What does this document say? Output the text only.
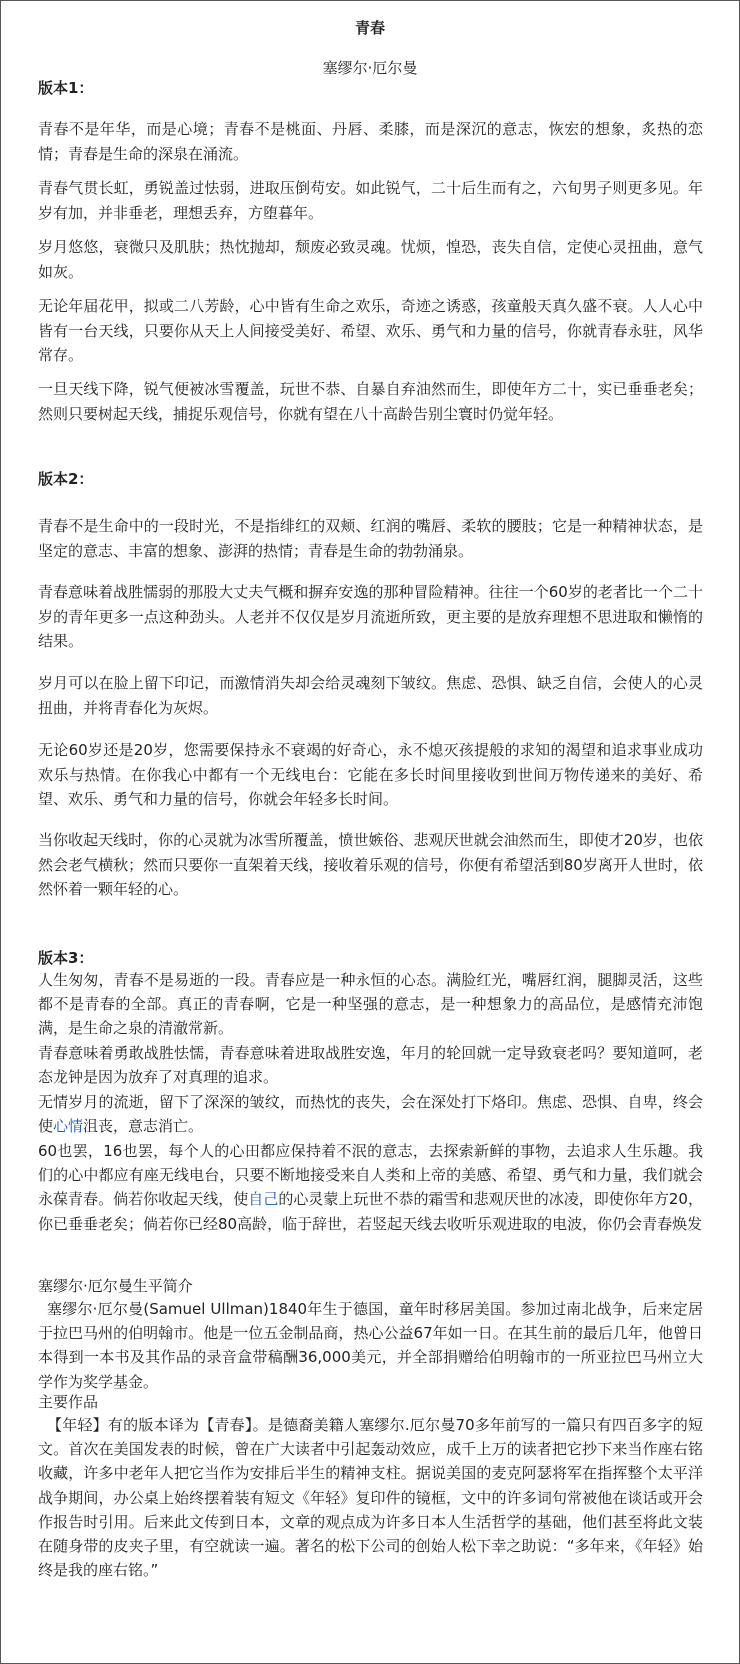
青春
塞缪尔·厄尔曼
版本1：

青春不是年华，而是心境；青春不是桃面、丹唇、柔膝，而是深沉的意志，恢宏的想象，炙热的恋情；青春是生命的深泉在涌流。

青春气贯长虹，勇锐盖过怯弱，进取压倒苟安。如此锐气，二十后生而有之，六旬男子则更多见。年岁有加，并非垂老，理想丢弃，方堕暮年。

岁月悠悠，衰微只及肌肤；热忱抛却，颓废必致灵魂。忧烦，惶恐，丧失自信，定使心灵扭曲，意气如灰。

无论年届花甲，拟或二八芳龄，心中皆有生命之欢乐，奇迹之诱惑，孩童般天真久盛不衰。人人心中皆有一台天线，只要你从天上人间接受美好、希望、欢乐、勇气和力量的信号，你就青春永驻，风华常存。

一旦天线下降，锐气便被冰雪覆盖，玩世不恭、自暴自弃油然而生，即使年方二十，实已垂垂老矣；然则只要树起天线，捕捉乐观信号，你就有望在八十高龄告别尘寰时仍觉年轻。

版本2：

青春不是生命中的一段时光，不是指绯红的双颊、红润的嘴唇、柔软的腰肢；它是一种精神状态，是坚定的意志、丰富的想象、澎湃的热情；青春是生命的勃勃涌泉。

青春意味着战胜懦弱的那股大丈夫气概和摒弃安逸的那种冒险精神。往往一个60岁的老者比一个二十岁的青年更多一点这种劲头。人老并不仅仅是岁月流逝所致，更主要的是放弃理想不思进取和懒惰的结果。

岁月可以在脸上留下印记，而激情消失却会给灵魂刻下皱纹。焦虑、恐惧、缺乏自信，会使人的心灵扭曲，并将青春化为灰烬。

无论60岁还是20岁，您需要保持永不衰竭的好奇心，永不熄灭孩提般的求知的渴望和追求事业成功 欢乐与热情。在你我心中都有一个无线电台：它能在多长时间里接收到世间万物传递来的美好、希望、欢乐、勇气和力量的信号，你就会年轻多长时间。

当你收起天线时，你的心灵就为冰雪所覆盖，愤世嫉俗、悲观厌世就会油然而生，即使才20岁，也依然会老气横秋；然而只要你一直架着天线，接收着乐观的信号，你便有希望活到80岁离开人世时，依然怀着一颗年轻的心。

版本3：

人生匆匆，青春不是易逝的一段。青春应是一种永恒的心态。满脸红光，嘴唇红润，腿脚灵活，这些都不是青春的全部。真正的青春啊，它是一种坚强的意志，是一种想象力的高品位，是感情充沛饱满，是生命之泉的清澈常新。

青春意味着勇敢战胜怯懦，青春意味着进取战胜安逸，年月的轮回就一定导致衰老吗？要知道呵，老态龙钟是因为放弃了对真理的追求。

无情岁月的流逝，留下了深深的皱纹，而热忱的丧失，会在深处打下烙印。焦虑、恐惧、自卑，终会使心情沮丧，意志消亡。

60也罢，16也罢，每个人的心田都应保持着不泯的意志，去探索新鲜的事物，去追求人生乐趣。我们的心中都应有座无线电台，只要不断地接受来自人类和上帝的美感、希望、勇气和力量，我们就会永葆青春。倘若你收起天线，使自己的心灵蒙上玩世不恭的霜雪和悲观厌世的冰凌，即使你年方20，你已垂垂老矣；倘若你已经80高龄，临于辞世，若竖起天线去收听乐观进取的电波，你仍会青春焕发

塞缪尔·厄尔曼生平简介

塞缪尔·厄尔曼(Samuel Ullman)1840年生于德国，童年时移居美国。参加过南北战争，后来定居于拉巴马州的伯明翰市。他是一位五金制品商，热心公益67年如一日。在其生前的最后几年，他曾日本得到一本书及其作品的录音盒带稿酬36,000美元，并全部捐赠给伯明翰市的一所亚拉巴马州立大学作为奖学基金。

主要作品

【年轻】有的版本译为【青春】。是德裔美籍人塞缪尔.厄尔曼70多年前写的一篇只有四百多字的短文。首次在美国发表的时候，曾在广大读者中引起轰动效应，成千上万的读者把它抄下来当作座右铭收藏，许多中老年人把它当作为安排后半生的精神支柱。据说美国的麦克阿瑟将军在指挥整个太平洋战争期间，办公桌上始终摆着装有短文《年轻》复印件的镜框，文中的许多词句常被他在谈话或开会作报告时引用。后来此文传到日本，文章的观点成为许多日本人生活哲学的基础，他们甚至将此文装在随身带的皮夹子里，有空就读一遍。著名的松下公司的创始人松下幸之助说：“多年来，《年轻》始终是我的座右铭。”
